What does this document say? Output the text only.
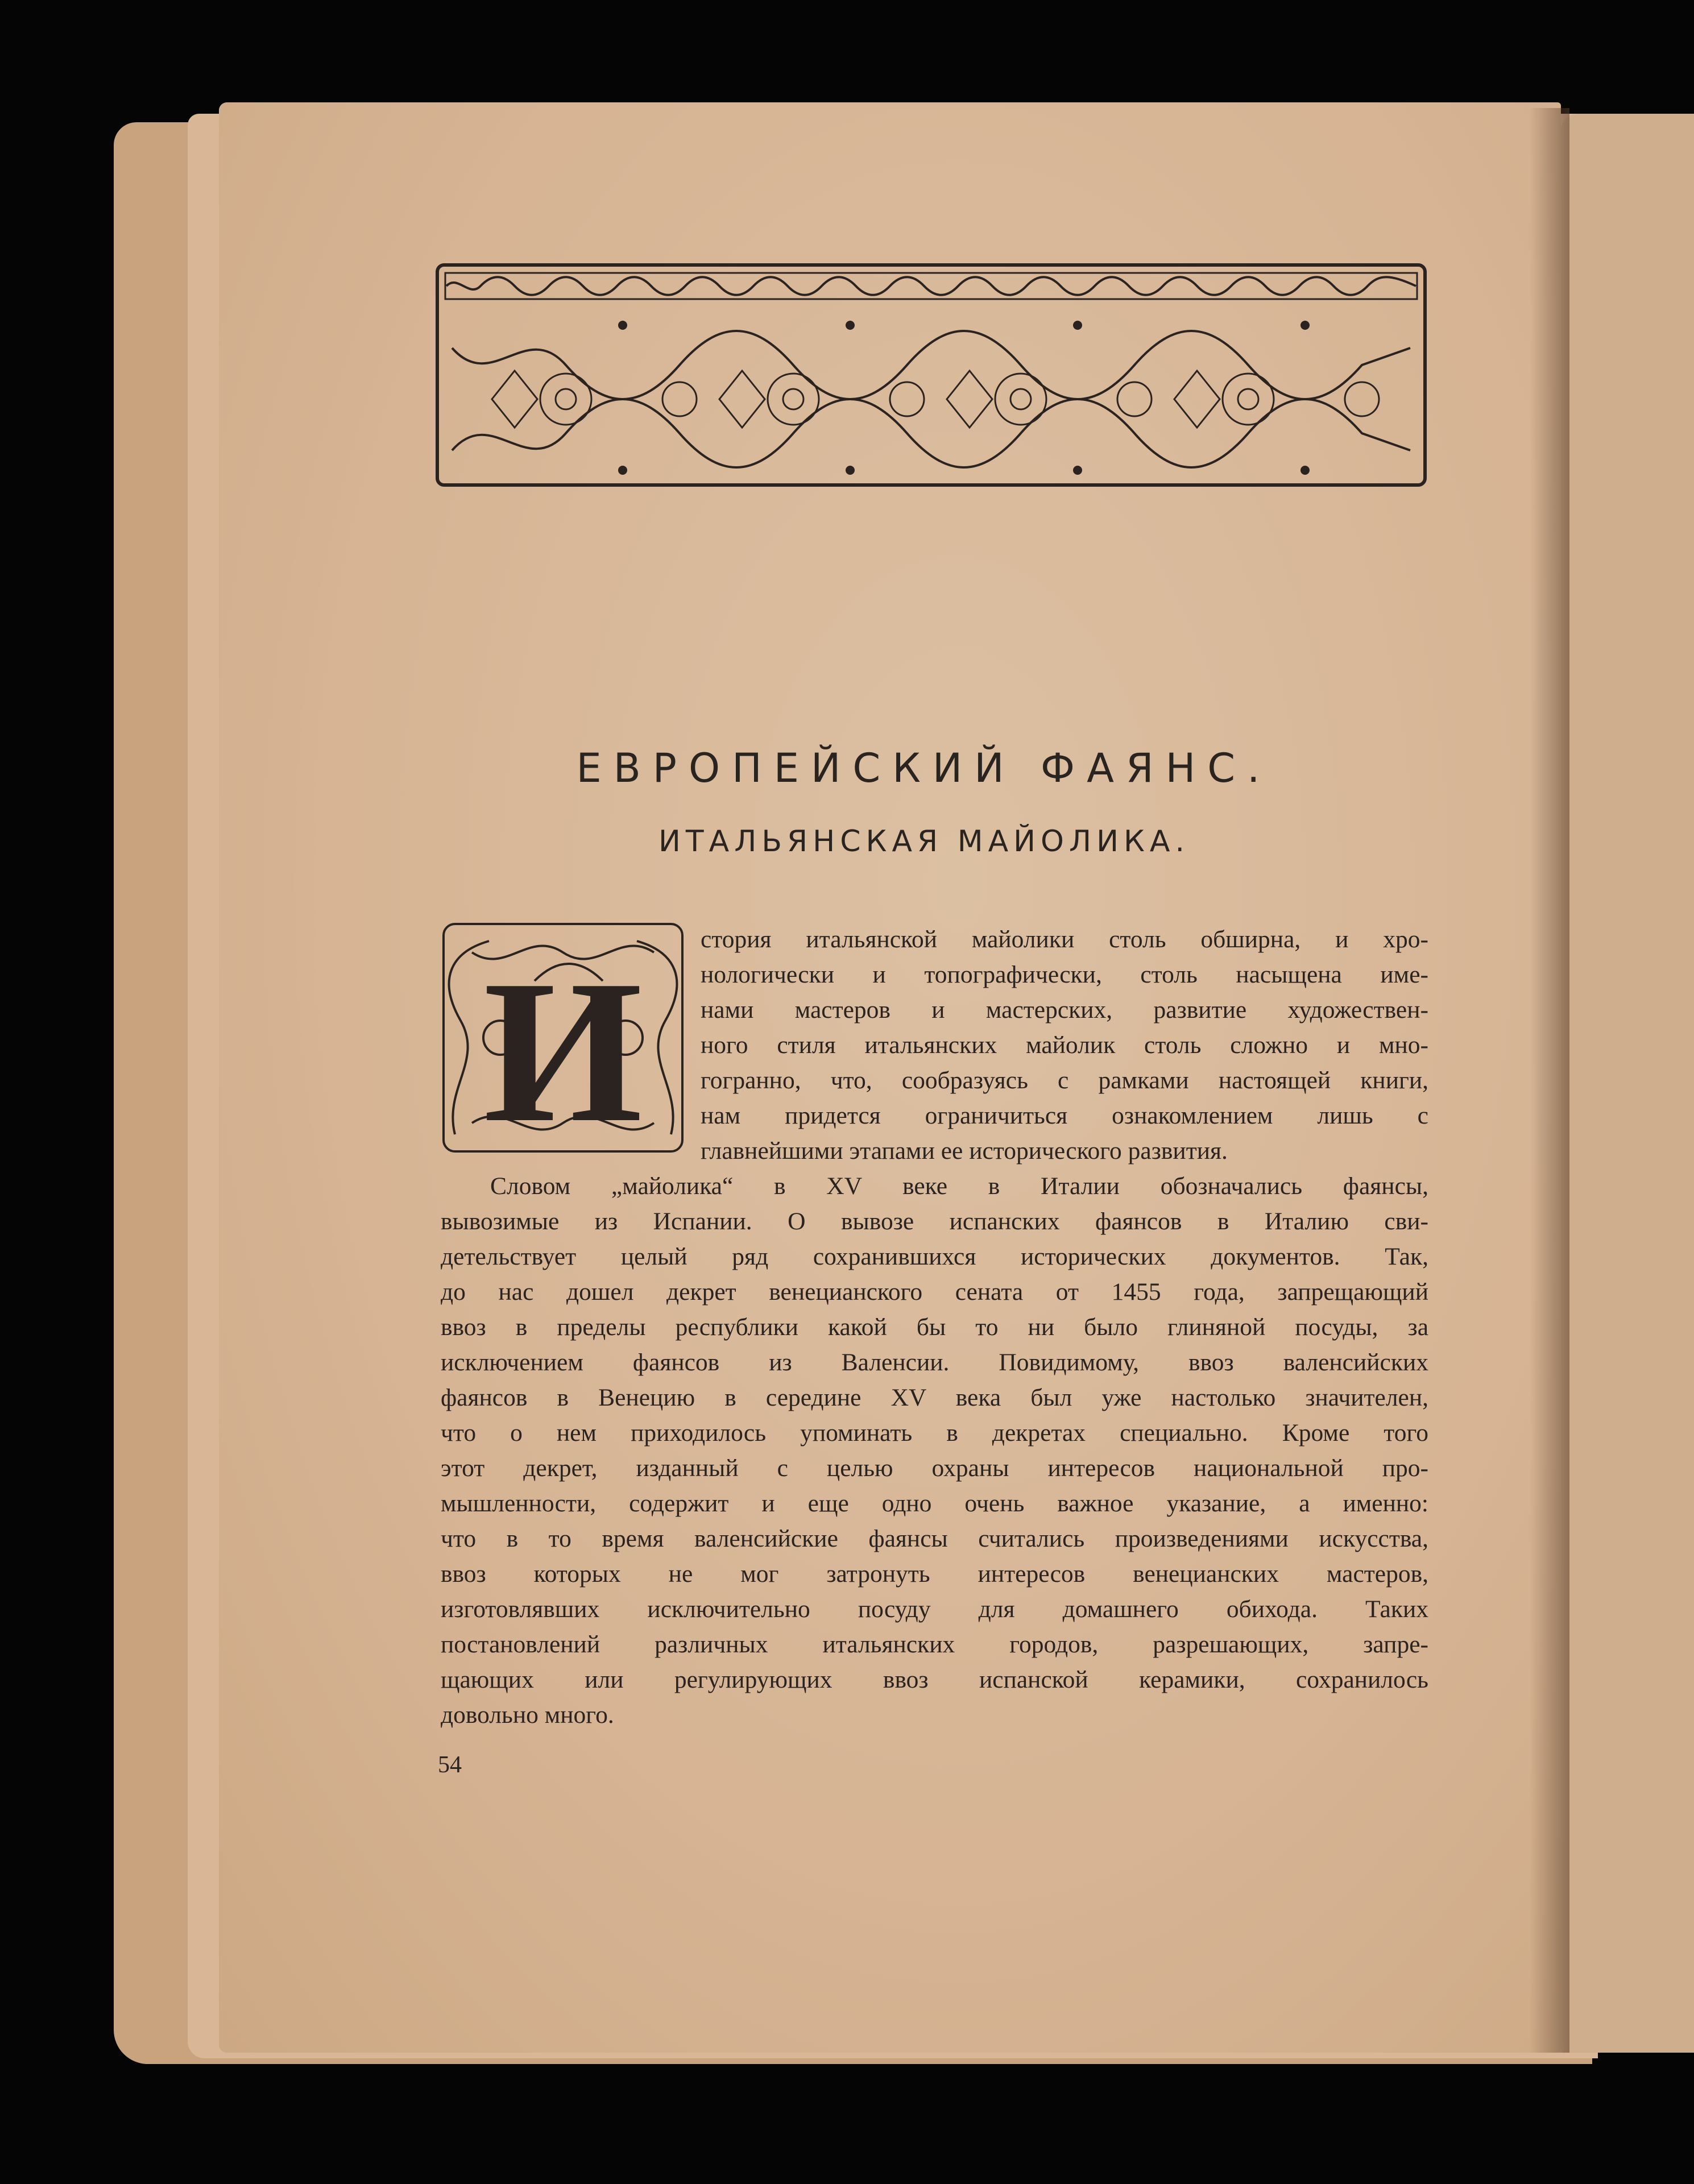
ЕВРОПЕЙСКИЙ ФАЯНС.
ИТАЛЬЯНСКАЯ МАЙОЛИКА.
И стория итальянской майолики столь обширна, и хро-
нологически и топографически, столь насыщена име-
нами мастеров и мастерских, развитие художествен-
ного стиля итальянских майолик столь сложно и мно-
гогранно, что, сообразуясь с рамками настоящей книги,
нам придется ограничиться ознакомлением лишь с
главнейшими этапами ее исторического развития.
Словом „майолика“ в XV веке в Италии обозначались фаянсы,
вывозимые из Испании. О вывозе испанских фаянсов в Италию сви-
детельствует целый ряд сохранившихся исторических документов. Так,
до нас дошел декрет венецианского сената от 1455 года, запрещающий
ввоз в пределы республики какой бы то ни было глиняной посуды, за
исключением фаянсов из Валенсии. Повидимому, ввоз валенсийских
фаянсов в Венецию в середине XV века был уже настолько значителен,
что о нем приходилось упоминать в декретах специально. Кроме того
этот декрет, изданный с целью охраны интересов национальной про-
мышленности, содержит и еще одно очень важное указание, а именно:
что в то время валенсийские фаянсы считались произведениями искусства,
ввоз которых не мог затронуть интересов венецианских мастеров,
изготовлявших исключительно посуду для домашнего обихода. Таких
постановлений различных итальянских городов, разрешающих, запре-
щающих или регулирующих ввоз испанской керамики, сохранилось
довольно много.
54
